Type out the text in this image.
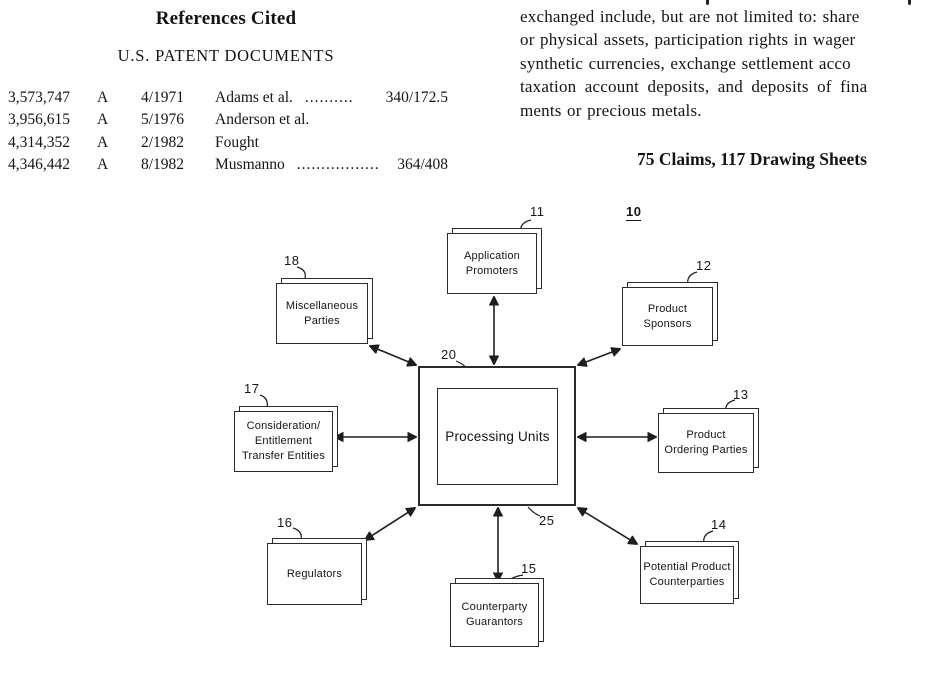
References Cited
U.S. PATENT DOCUMENTS
3,573,747	A	4/1971	Adams et al. .......... 340/172.5
3,956,615	A	5/1976	Anderson et al.
4,314,352	A	2/1982	Fought
4,346,442	A	8/1982	Musmanno ................. 364/408
exchanged include, but are not limited to: share
or physical assets, participation rights in wager
synthetic currencies, exchange settlement acco
taxation account deposits, and deposits of fina
ments or precious metals.
75 Claims, 117 Drawing Sheets
Application
Promoters
Product
Sponsors
Product
Ordering Parties
Potential Product
Counterparties
Counterparty
Guarantors
Regulators
Consideration/
Entitlement
Transfer Entities
Miscellaneous
Parties
Processing Units
10
11
12
13
14
15
16
17
18
20
25
